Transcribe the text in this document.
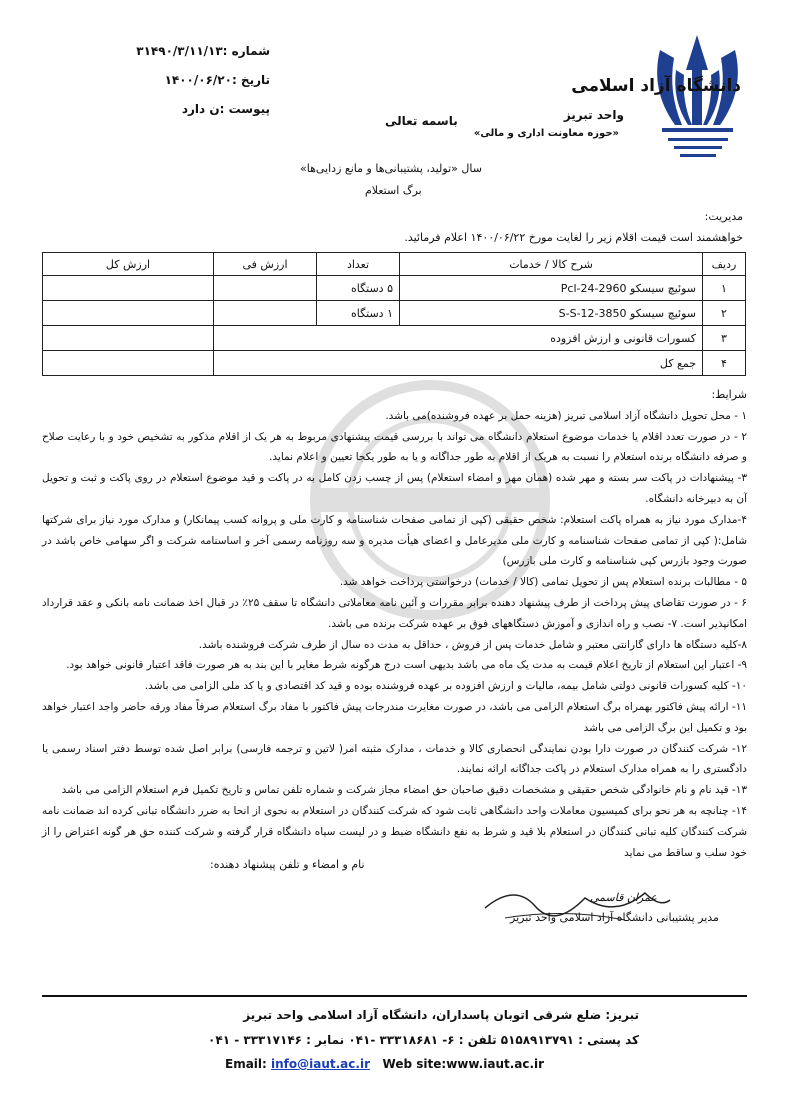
دانشگاه آزاد اسلامی
واحد تبریز
«حوزه معاونت اداری و مالی»
باسمه تعالی
شماره :۳۱۴۹۰/۳/۱۱/۱۳
تاریخ :۱۴۰۰/۰۶/۲۰
پیوست :ن دارد
سال «تولید، پشتیبانی‌ها و مانع زدایی‌ها»
برگ استعلام
مدیریت:
خواهشمند است قیمت اقلام زیر را لغایت مورخ ۱۴۰۰/۰۶/۲۲ اعلام فرمائید.
ردیف	شرح کالا / خدمات	تعداد	ارزش فی	ارزش کل
۱	سوئیچ سیسکو 2960-24-Pcl	۵ دستگاه		
۲	سوئیچ سیسکو S-S-12-3850	۱ دستگاه		
۳	کسورات قانونی و ارزش افزوده			
۴	جمع کل			
شرایط:

۱ - محل تحویل دانشگاه آزاد اسلامی تبریز (هزینه حمل بر عهده فروشنده)می باشد.

۲ - در صورت تعدد اقلام یا خدمات موضوع استعلام دانشگاه می تواند با بررسی قیمت پیشنهادی مربوط به هر یک از اقلام مذکور به تشخیص خود و با رعایت صلاح و صرفه دانشگاه برنده استعلام را نسبت به هریک از اقلام به طور جداگانه و یا به طور یکجا تعیین و اعلام نماید.

۳- پیشنهادات در پاکت سر بسته و مهر شده (همان مهر و امضاء استعلام) پس از چسب زدن کامل به در پاکت و قید موضوع استعلام در روی پاکت و ثبت و تحویل آن به دبیرخانه دانشگاه.

۴-مدارک مورد نیاز به همراه پاکت استعلام: شخص حقیقی (کپی از تمامی صفحات شناسنامه و کارت ملی و پروانه کسب پیمانکار) و مدارک مورد نیاز برای شرکتها شامل:( کپی از تمامی صفحات شناسنامه و کارت ملی مدیرعامل و اعضای هیأت مدیره و سه روزنامه رسمی آخر و اساسنامه شرکت و اگر سهامی خاص باشد در صورت وجود بازرس کپی شناسنامه و کارت ملی بازرس)

۵ - مطالبات برنده استعلام پس از تحویل تمامی (کالا / خدمات) درخواستی پرداخت خواهد شد.

۶ - در صورت تقاضای پیش پرداخت از طرف پیشنهاد دهنده برابر مقررات و آئین نامه معاملاتی دانشگاه تا سقف ۲۵٪ در قبال اخذ ضمانت نامه بانکی و عقد قرارداد امکانپذیر است. ۷- نصب و راه اندازی و آموزش دستگاههای فوق بر عهده شرکت برنده می باشد.

۸-کلیه دستگاه ها دارای گارانتی معتبر و شامل خدمات پس از فروش ، حداقل به مدت ده سال از طرف شرکت فروشنده باشد.

۹- اعتبار این استعلام از تاریخ اعلام قیمت به مدت یک ماه می باشد بدیهی است درج هرگونه شرط مغایر با این بند به هر صورت فاقد اعتبار قانونی خواهد بود.

۱۰- کلیه کسورات قانونی دولتی شامل بیمه، مالیات و ارزش افزوده بر عهده فروشنده بوده و قید کد اقتصادی و یا کد ملی الزامی می باشد.

۱۱- ارائه پیش فاکتور بهمراه برگ استعلام الزامی می باشد، در صورت مغایرت مندرجات پیش فاکتور با مفاد برگ استعلام صرفاً مفاد ورقه حاضر واجد اعتبار خواهد بود و تکمیل این برگ الزامی می باشد

۱۲- شرکت کنندگان در صورت دارا بودن نمایندگی انحصاری کالا و خدمات ، مدارک مثبته امر( لاتین و ترجمه فارسی) برابر اصل شده توسط دفتر اسناد رسمی یا دادگستری را به همراه مدارک استعلام در پاکت جداگانه ارائه نمایند.

۱۳- قید نام و نام خانوادگی شخص حقیقی و مشخصات دقیق صاحبان حق امضاء مجاز شرکت و شماره تلفن تماس و تاریخ تکمیل فرم استعلام الزامی می باشد

۱۴- چنانچه به هر نحو برای کمیسیون معاملات واحد دانشگاهی ثابت شود که شرکت کنندگان در استعلام به نحوی از انحا به ضرر دانشگاه تبانی کرده اند ضمانت نامه شرکت کنندگان کلیه تبانی کنندگان در استعلام بلا قید و شرط به نفع دانشگاه ضبط و در لیست سیاه دانشگاه قرار گرفته و شرکت کننده حق هر گونه اعتراض را از خود سلب و ساقط می نماید

نام و امضاء و تلفن پیشنهاد دهنده:
عمران قاسمی
مدیر پشتیبانی دانشگاه آزاد اسلامی واحد تبریز
تبریز: ضلع شرقی اتوبان پاسداران، دانشگاه آزاد اسلامی واحد تبریز
کد پستی : ۵۱۵۸۹۱۳۷۹۱ تلفن : ۶- ۳۳۳۱۸۶۸۱ -۰۴۱ نمابر : ۳۳۳۱۷۱۴۶ - ۰۴۱
Email: info@iaut.ac.ir Web site:www.iaut.ac.ir
